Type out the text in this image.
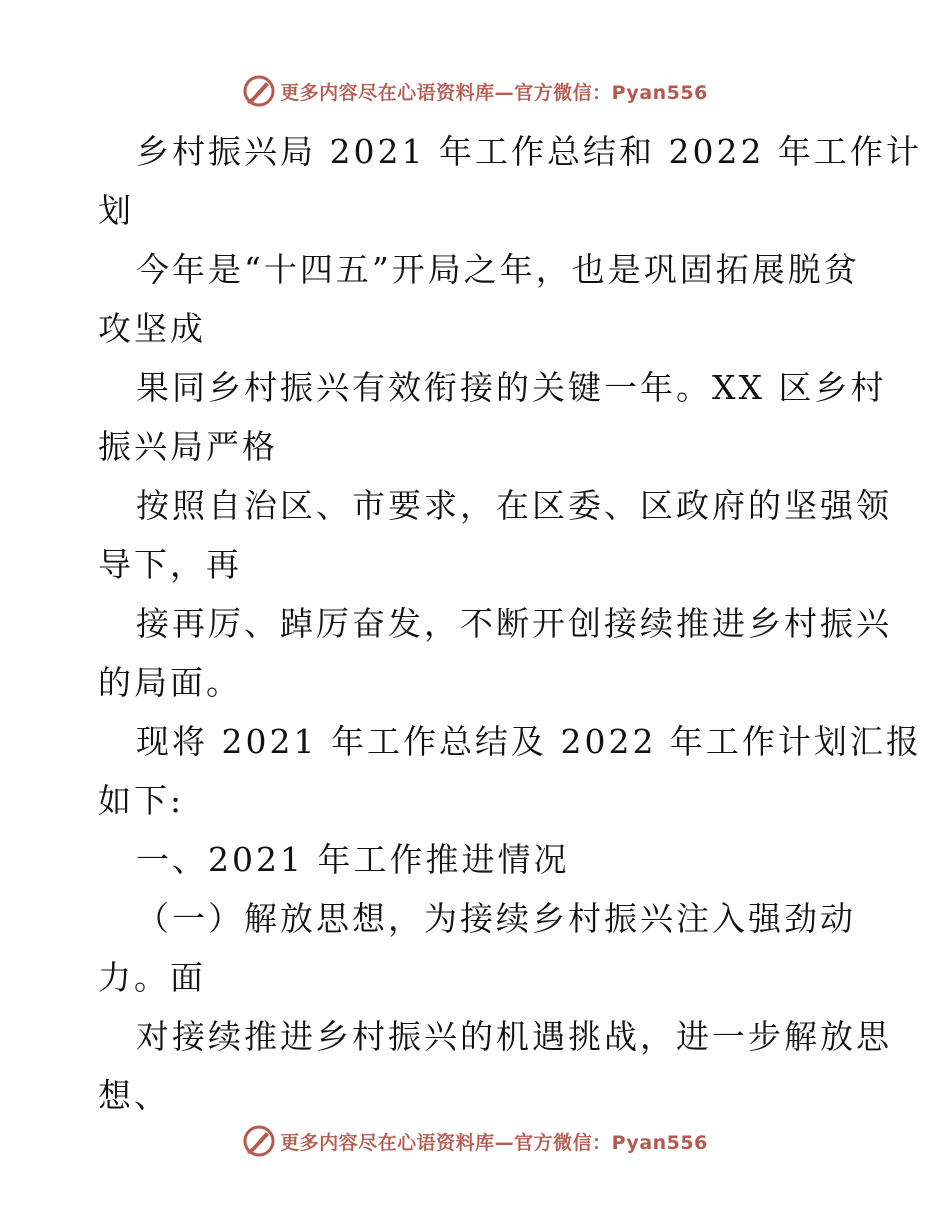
更多内容尽在心语资料库—官方微信：Pyan556
乡村振兴局 2021 年工作总结和 2022 年工作计
划
今年是“十四五”开局之年，也是巩固拓展脱贫
攻坚成
果同乡村振兴有效衔接的关键一年。XX 区乡村
振兴局严格
按照自治区、市要求，在区委、区政府的坚强领
导下，再
接再厉、踔厉奋发，不断开创接续推进乡村振兴
的局面。
现将 2021 年工作总结及 2022 年工作计划汇报
如下:
一、2021 年工作推进情况
（一）解放思想，为接续乡村振兴注入强劲动
力。面
对接续推进乡村振兴的机遇挑战，进一步解放思
想、
更多内容尽在心语资料库—官方微信：Pyan556
